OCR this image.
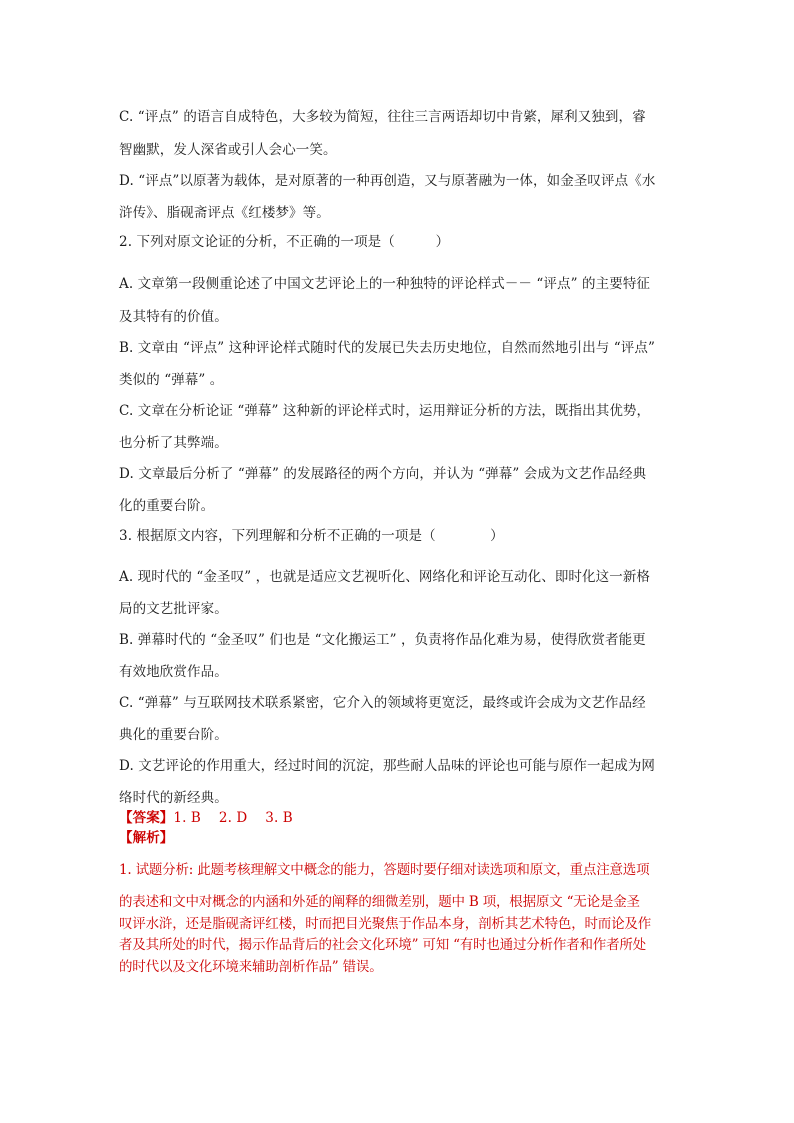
C. “评点” 的语言自成特色，大多较为简短，往往三言两语却切中肯綮，犀利又独到，睿
智幽默，发人深省或引人会心一笑。
D. “评点”以原著为载体，是对原著的一种再创造，又与原著融为一体，如金圣叹评点《水
浒传》、脂砚斋评点《红楼梦》等。
2. 下列对原文论证的分析，不正确的一项是（　　　）
A. 文章第一段侧重论述了中国文艺评论上的一种独特的评论样式－－ “评点” 的主要特征
及其特有的价值。
B. 文章由 “评点” 这种评论样式随时代的发展已失去历史地位，自然而然地引出与 “评点”
类似的 “弹幕” 。
C. 文章在分析论证 “弹幕” 这种新的评论样式时，运用辩证分析的方法，既指出其优势，
也分析了其弊端。
D. 文章最后分析了 “弹幕” 的发展路径的两个方向，并认为 “弹幕” 会成为文艺作品经典
化的重要台阶。
3. 根据原文内容，下列理解和分析不正确的一项是（　　　　）
A. 现时代的 “金圣叹” ，也就是适应文艺视听化、网络化和评论互动化、即时化这一新格
局的文艺批评家。
B. 弹幕时代的 “金圣叹” 们也是 “文化搬运工” ，负责将作品化难为易，使得欣赏者能更
有效地欣赏作品。
C. “弹幕” 与互联网技术联系紧密，它介入的领域将更宽泛，最终或许会成为文艺作品经
典化的重要台阶。
D. 文艺评论的作用重大，经过时间的沉淀，那些耐人品味的评论也可能与原作一起成为网
络时代的新经典。
【答案】1. B　 2. D　 3. B
【解析】
1. 试题分析: 此题考核理解文中概念的能力，答题时要仔细对读选项和原文，重点注意选项
的表述和文中对概念的内涵和外延的阐释的细微差别，题中 B 项，根据原文 “无论是金圣
叹评水浒，还是脂砚斋评红楼，时而把目光聚焦于作品本身，剖析其艺术特色，时而论及作
者及其所处的时代，揭示作品背后的社会文化环境” 可知 “有时也通过分析作者和作者所处
的时代以及文化环境来辅助剖析作品” 错误。
